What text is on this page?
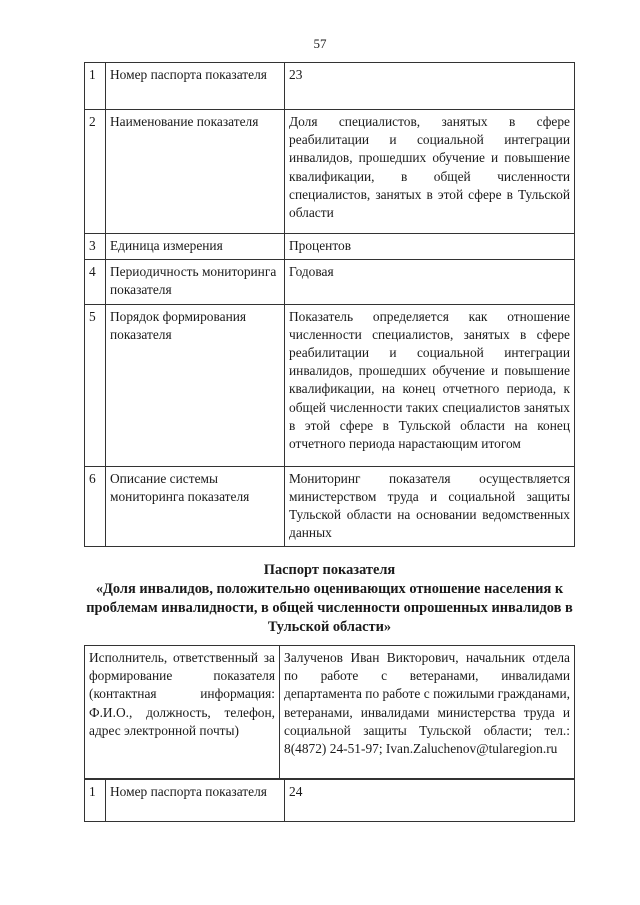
57
1	Номер паспорта показателя	23
2	Наименование показателя	Доля специалистов, занятых в сфере реабилитации и социальной интеграции инвалидов, прошедших обучение и повышение квалификации, в общей численности специалистов, занятых в этой сфере в Тульской области
3	Единица измерения	Процентов
4	Периодичность мониторинга показателя	Годовая
5	Порядок формирования показателя	Показатель определяется как отношение численности специалистов, занятых в сфере реабилитации и социальной интеграции инвалидов, прошедших обучение и повышение квалификации, на конец отчетного периода, к общей численности таких специалистов занятых в этой сфере в Тульской области на конец отчетного периода нарастающим итогом
6	Описание системы мониторинга показателя	Мониторинг показателя осуществляется министерством труда и социальной защиты Тульской области на основании ведомственных данных
Паспорт показателя
«Доля инвалидов, положительно оценивающих отношение населения к проблемам инвалидности, в общей численности опрошенных инвалидов в Тульской области»
Исполнитель, ответственный за формирование показателя (контактная информация: Ф.И.О., должность, телефон, адрес электронной почты)	Залученов Иван Викторович, начальник отдела по работе с ветеранами, инвалидами департамента по работе с пожилыми гражданами, ветеранами, инвалидами министерства труда и социальной защиты Тульской области; тел.: 8(4872) 24-51-97; Ivan.Zaluchenov@tularegion.ru
1	Номер паспорта показателя	24
